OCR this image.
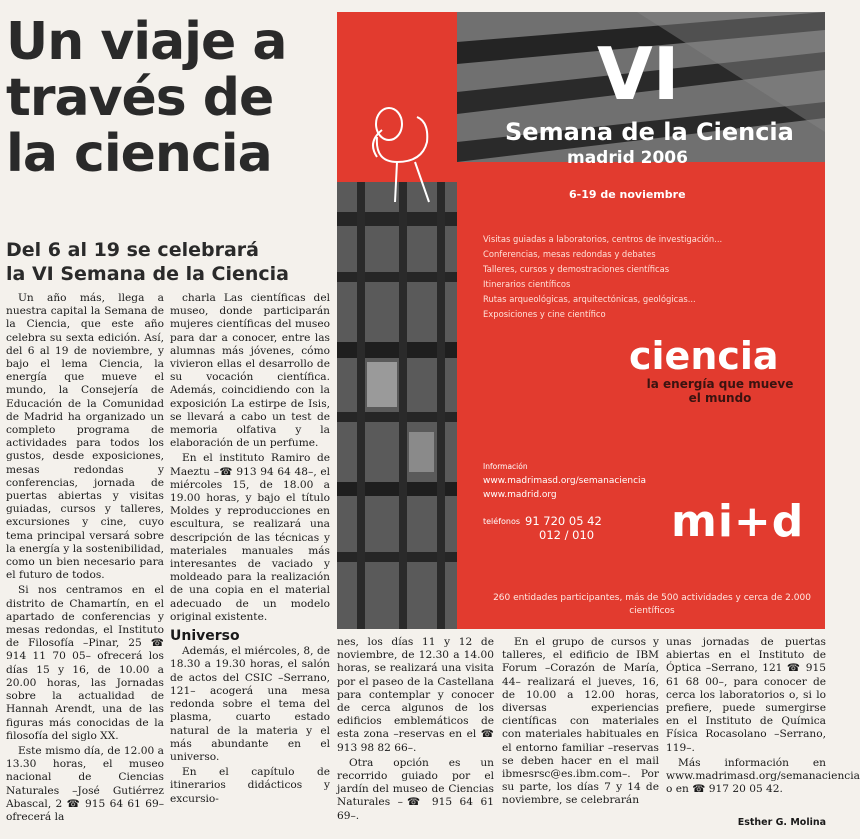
Un viaje a
través de
la ciencia
Del 6 al 19 se celebrará
la VI Semana de la Ciencia

Un año más, llega a nuestra capital la Semana de la Ciencia, que este año celebra su sexta edición. Así, del 6 al 19 de noviembre, y bajo el lema Ciencia, la energía que mueve el mundo, la Consejería de Educación de la Comunidad de Madrid ha organizado un completo programa de actividades para todos los gustos, desde exposiciones, mesas redondas y conferencias, jornada de puertas abiertas y visitas guiadas, cursos y talleres, excursiones y cine, cuyo tema principal versará sobre la energía y la sostenibilidad, como un bien necesario para el futuro de todos.

Si nos centramos en el distrito de Chamartín, en el apartado de conferencias y mesas redondas, el Instituto de Filosofía –Pinar, 25 ☎ 914 11 70 05– ofrecerá los días 15 y 16, de 10.00 a 20.00 horas, las Jornadas sobre la actualidad de Hannah Arendt, una de las figuras más conocidas de la filosofía del siglo XX.

Este mismo día, de 12.00 a 13.30 horas, el museo nacional de Ciencias Naturales –José Gutiérrez Abascal, 2 ☎ 915 64 61 69– ofrecerá la

charla Las científicas del museo, donde participarán mujeres científicas del museo para dar a conocer, entre las alumnas más jóvenes, cómo vivieron ellas el desarrollo de su vocación científica. Además, coincidiendo con la exposición La estirpe de Isis, se llevará a cabo un test de memoria olfativa y la elaboración de un perfume.

En el instituto Ramiro de Maeztu –☎ 913 94 64 48–, el miércoles 15, de 18.00 a 19.00 horas, y bajo el título Moldes y reproducciones en escultura, se realizará una descripción de las técnicas y materiales manuales más interesantes de vaciado y moldeado para la realización de una copia en el material adecuado de un modelo original existente.

Universo

Además, el miércoles, 8, de 18.30 a 19.30 horas, el salón de actos del CSIC –Serrano, 121– acogerá una mesa redonda sobre el tema del plasma, cuarto estado natural de la materia y el más abundante en el universo.

En el capítulo de itinerarios didácticos y excursio-

nes, los días 11 y 12 de noviembre, de 12.30 a 14.00 horas, se realizará una visita por el paseo de la Castellana para contemplar y conocer de cerca algunos de los edificios emblemáticos de esta zona –reservas en el ☎ 913 98 82 66–.

Otra opción es un recorrido guiado por el jardín del museo de Ciencias Naturales –☎ 915 64 61 69–.

En el grupo de cursos y talleres, el edificio de IBM Forum –Corazón de María, 44– realizará el jueves, 16, de 10.00 a 12.00 horas, diversas experiencias científicas con materiales con materiales habituales en el entorno familiar –reservas se deben hacer en el mail ibmesrsc@es.ibm.com–. Por su parte, los días 7 y 14 de noviembre, se celebrarán

unas jornadas de puertas abiertas en el Instituto de Óptica –Serrano, 121 ☎ 915 61 68 00–, para conocer de cerca los laboratorios o, si lo prefiere, puede sumergirse en el Instituto de Química Física Rocasolano –Serrano, 119–.

Más información en www.madrimasd.org/semanaciencia o en ☎ 917 20 05 42.

Esther G. Molina
VI
Semana de la Ciencia
madrid 2006
6-19 de noviembre
Visitas guiadas a laboratorios, centros de investigación...
Conferencias, mesas redondas y debates
Talleres, cursos y demostraciones científicas
Itinerarios científicos
Rutas arqueológicas, arquitectónicas, geológicas...
Exposiciones y cine científico
ciencia
la energía que mueve el mundo
Información
www.madrimasd.org/semanaciencia
www.madrid.org
teléfonos 91 720 05 42
012 / 010 mi+d
260 entidades participantes, más de 500 actividades y cerca de 2.000 científicos
